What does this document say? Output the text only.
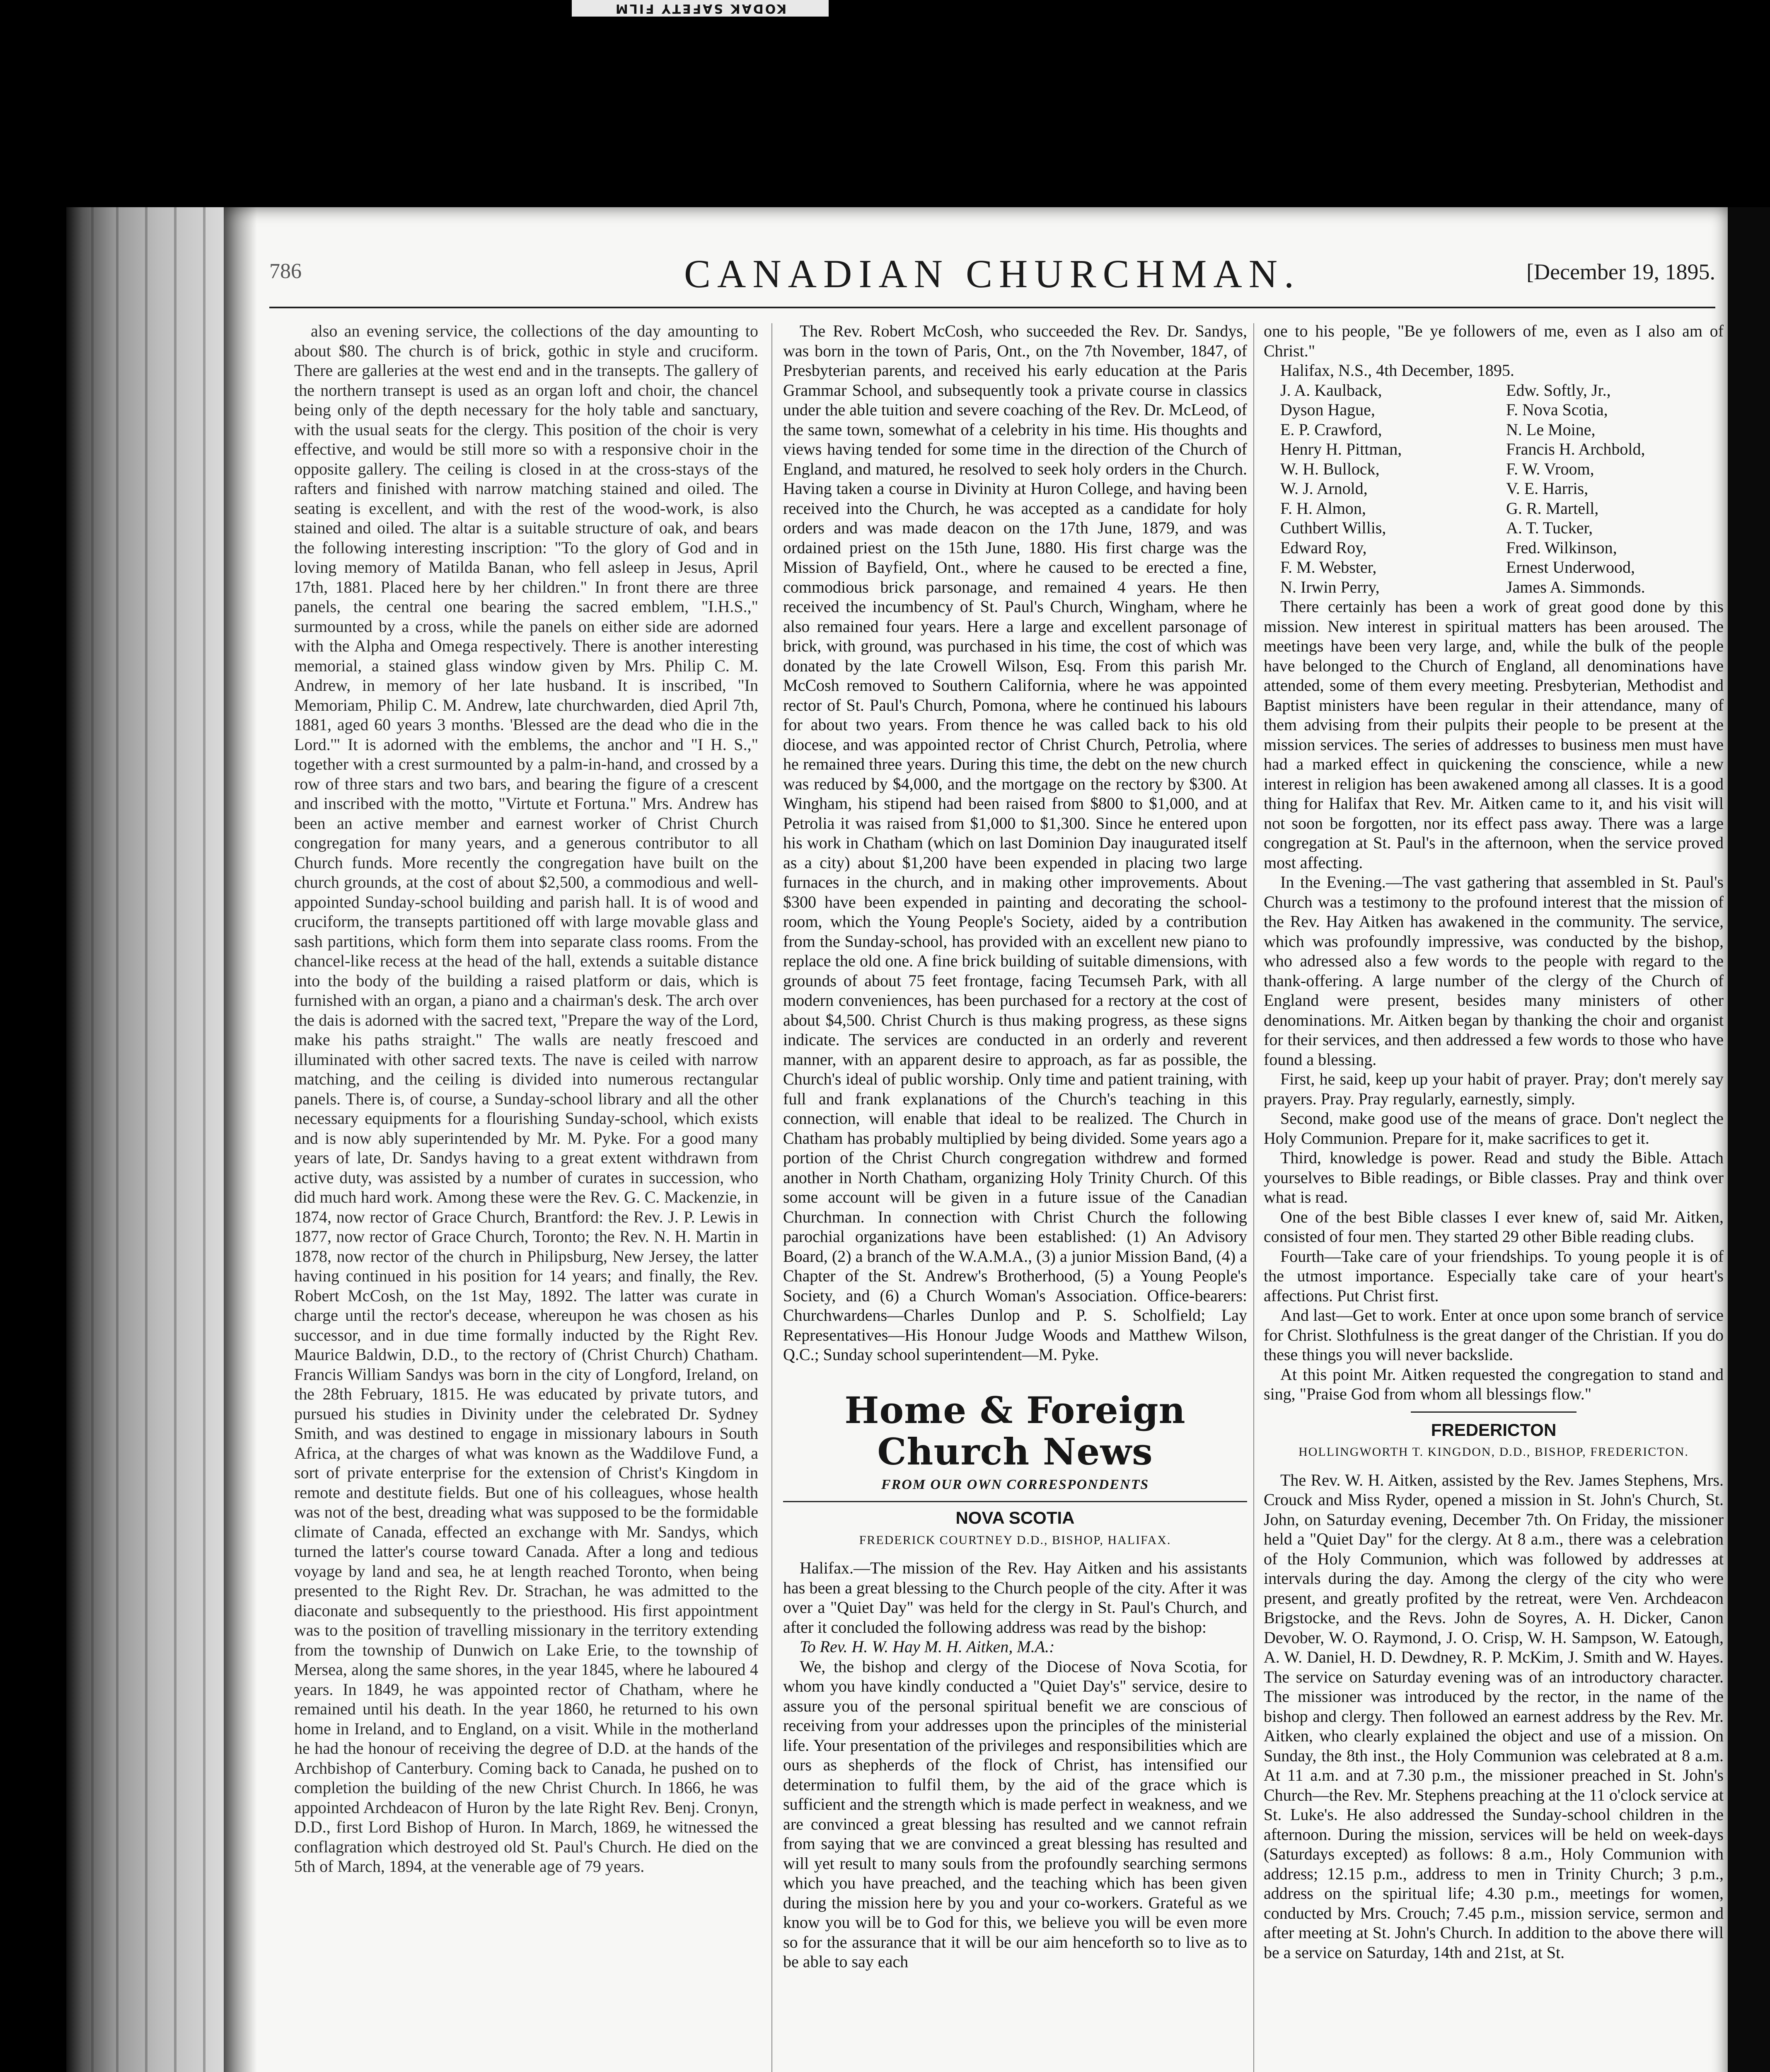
KODAK SAFETY FILM
786	CANADIAN CHURCHMAN.	[December 19, 1895.

also an evening service, the collections of the day amounting to about $80. The church is of brick, gothic in style and cruciform. There are galleries at the west end and in the transepts. The gallery of the northern transept is used as an organ loft and choir, the chancel being only of the depth necessary for the holy table and sanctuary, with the usual seats for the clergy. This position of the choir is very effective, and would be still more so with a responsive choir in the opposite gallery. The ceiling is closed in at the cross-stays of the rafters and finished with narrow matching stained and oiled. The seating is excellent, and with the rest of the wood-work, is also stained and oiled. The altar is a suitable structure of oak, and bears the following interesting inscription: "To the glory of God and in loving memory of Matilda Banan, who fell asleep in Jesus, April 17th, 1881. Placed here by her children." In front there are three panels, the central one bearing the sacred emblem, "I.H.S.," surmounted by a cross, while the panels on either side are adorned with the Alpha and Omega respectively. There is another interesting memorial, a stained glass window given by Mrs. Philip C. M. Andrew, in memory of her late husband. It is inscribed, "In Memoriam, Philip C. M. Andrew, late churchwarden, died April 7th, 1881, aged 60 years 3 months. 'Blessed are the dead who die in the Lord.'" It is adorned with the emblems, the anchor and "I H. S.," together with a crest surmounted by a palm-in-hand, and crossed by a row of three stars and two bars, and bearing the figure of a crescent and inscribed with the motto, "Virtute et Fortuna." Mrs. Andrew has been an active member and earnest worker of Christ Church congregation for many years, and a generous contributor to all Church funds. More recently the congregation have built on the church grounds, at the cost of about $2,500, a commodious and well-appointed Sunday-school building and parish hall. It is of wood and cruciform, the transepts partitioned off with large movable glass and sash partitions, which form them into separate class rooms. From the chancel-like recess at the head of the hall, extends a suitable distance into the body of the building a raised platform or dais, which is furnished with an organ, a piano and a chairman's desk. The arch over the dais is adorned with the sacred text, "Prepare the way of the Lord, make his paths straight." The walls are neatly frescoed and illuminated with other sacred texts. The nave is ceiled with narrow matching, and the ceiling is divided into numerous rectangular panels. There is, of course, a Sunday-school library and all the other necessary equipments for a flourishing Sunday-school, which exists and is now ably superintended by Mr. M. Pyke. For a good many years of late, Dr. Sandys having to a great extent withdrawn from active duty, was assisted by a number of curates in succession, who did much hard work. Among these were the Rev. G. C. Mackenzie, in 1874, now rector of Grace Church, Brantford: the Rev. J. P. Lewis in 1877, now rector of Grace Church, Toronto; the Rev. N. H. Martin in 1878, now rector of the church in Philipsburg, New Jersey, the latter having continued in his position for 14 years; and finally, the Rev. Robert McCosh, on the 1st May, 1892. The latter was curate in charge until the rector's decease, whereupon he was chosen as his successor, and in due time formally inducted by the Right Rev. Maurice Baldwin, D.D., to the rectory of (Christ Church) Chatham. Francis William Sandys was born in the city of Longford, Ireland, on the 28th February, 1815. He was educated by private tutors, and pursued his studies in Divinity under the celebrated Dr. Sydney Smith, and was destined to engage in missionary labours in South Africa, at the charges of what was known as the Waddilove Fund, a sort of private enterprise for the extension of Christ's Kingdom in remote and destitute fields. But one of his colleagues, whose health was not of the best, dreading what was supposed to be the formidable climate of Canada, effected an exchange with Mr. Sandys, which turned the latter's course toward Canada. After a long and tedious voyage by land and sea, he at length reached Toronto, when being presented to the Right Rev. Dr. Strachan, he was admitted to the diaconate and subsequently to the priesthood. His first appointment was to the position of travelling missionary in the territory extending from the township of Dunwich on Lake Erie, to the township of Mersea, along the same shores, in the year 1845, where he laboured 4 years. In 1849, he was appointed rector of Chatham, where he remained until his death. In the year 1860, he returned to his own home in Ireland, and to England, on a visit. While in the motherland he had the honour of receiving the degree of D.D. at the hands of the Archbishop of Canterbury. Coming back to Canada, he pushed on to completion the building of the new Christ Church. In 1866, he was appointed Archdeacon of Huron by the late Right Rev. Benj. Cronyn, D.D., first Lord Bishop of Huron. In March, 1869, he witnessed the conflagration which destroyed old St. Paul's Church. He died on the 5th of March, 1894, at the venerable age of 79 years.

The Rev. Robert McCosh, who succeeded the Rev. Dr. Sandys, was born in the town of Paris, Ont., on the 7th November, 1847, of Presbyterian parents, and received his early education at the Paris Grammar School, and subsequently took a private course in classics under the able tuition and severe coaching of the Rev. Dr. McLeod, of the same town, somewhat of a celebrity in his time. His thoughts and views having tended for some time in the direction of the Church of England, and matured, he resolved to seek holy orders in the Church. Having taken a course in Divinity at Huron College, and having been received into the Church, he was accepted as a candidate for holy orders and was made deacon on the 17th June, 1879, and was ordained priest on the 15th June, 1880. His first charge was the Mission of Bayfield, Ont., where he caused to be erected a fine, commodious brick parsonage, and remained 4 years. He then received the incumbency of St. Paul's Church, Wingham, where he also remained four years. Here a large and excellent parsonage of brick, with ground, was purchased in his time, the cost of which was donated by the late Crowell Wilson, Esq. From this parish Mr. McCosh removed to Southern California, where he was appointed rector of St. Paul's Church, Pomona, where he continued his labours for about two years. From thence he was called back to his old diocese, and was appointed rector of Christ Church, Petrolia, where he remained three years. During this time, the debt on the new church was reduced by $4,000, and the mortgage on the rectory by $300. At Wingham, his stipend had been raised from $800 to $1,000, and at Petrolia it was raised from $1,000 to $1,300. Since he entered upon his work in Chatham (which on last Dominion Day inaugurated itself as a city) about $1,200 have been expended in placing two large furnaces in the church, and in making other improvements. About $300 have been expended in painting and decorating the school-room, which the Young People's Society, aided by a contribution from the Sunday-school, has provided with an excellent new piano to replace the old one. A fine brick building of suitable dimensions, with grounds of about 75 feet frontage, facing Tecumseh Park, with all modern conveniences, has been purchased for a rectory at the cost of about $4,500. Christ Church is thus making progress, as these signs indicate. The services are conducted in an orderly and reverent manner, with an apparent desire to approach, as far as possible, the Church's ideal of public worship. Only time and patient training, with full and frank explanations of the Church's teaching in this connection, will enable that ideal to be realized. The Church in Chatham has probably multiplied by being divided. Some years ago a portion of the Christ Church congregation withdrew and formed another in North Chatham, organizing Holy Trinity Church. Of this some account will be given in a future issue of the Canadian Churchman. In connection with Christ Church the following parochial organizations have been established: (1) An Advisory Board, (2) a branch of the W.A.M.A., (3) a junior Mission Band, (4) a Chapter of the St. Andrew's Brotherhood, (5) a Young People's Society, and (6) a Church Woman's Association. Office-bearers: Churchwardens—Charles Dunlop and P. S. Scholfield; Lay Representatives—His Honour Judge Woods and Matthew Wilson, Q.C.; Sunday school superintendent—M. Pyke.

Home & Foreign Church News
FROM OUR OWN CORRESPONDENTS
NOVA SCOTIA
FREDERICK COURTNEY D.D., BISHOP, HALIFAX.

Halifax.—The mission of the Rev. Hay Aitken and his assistants has been a great blessing to the Church people of the city. After it was over a "Quiet Day" was held for the clergy in St. Paul's Church, and after it concluded the following address was read by the bishop:

To Rev. H. W. Hay M. H. Aitken, M.A.:

We, the bishop and clergy of the Diocese of Nova Scotia, for whom you have kindly conducted a "Quiet Day's" service, desire to assure you of the personal spiritual benefit we are conscious of receiving from your addresses upon the principles of the ministerial life. Your presentation of the privileges and responsibilities which are ours as shepherds of the flock of Christ, has intensified our determination to fulfil them, by the aid of the grace which is sufficient and the strength which is made perfect in weakness, and we are convinced a great blessing has resulted and we cannot refrain from saying that we are convinced a great blessing has resulted and will yet result to many souls from the profoundly searching sermons which you have preached, and the teaching which has been given during the mission here by you and your co-workers. Grateful as we know you will be to God for this, we believe you will be even more so for the assurance that it will be our aim henceforth so to live as to be able to say each

one to his people, "Be ye followers of me, even as I also am of Christ."

Halifax, N.S., 4th December, 1895.

J. A. Kaulback,	Edw. Softly, Jr.,
Dyson Hague,	F. Nova Scotia,
E. P. Crawford,	N. Le Moine,
Henry H. Pittman,	Francis H. Archbold,
W. H. Bullock,	F. W. Vroom,
W. J. Arnold,	V. E. Harris,
F. H. Almon,	G. R. Martell,
Cuthbert Willis,	A. T. Tucker,
Edward Roy,	Fred. Wilkinson,
F. M. Webster,	Ernest Underwood,
N. Irwin Perry,	James A. Simmonds.

There certainly has been a work of great good done by this mission. New interest in spiritual matters has been aroused. The meetings have been very large, and, while the bulk of the people have belonged to the Church of England, all denominations have attended, some of them every meeting. Presbyterian, Methodist and Baptist ministers have been regular in their attendance, many of them advising from their pulpits their people to be present at the mission services. The series of addresses to business men must have had a marked effect in quickening the conscience, while a new interest in religion has been awakened among all classes. It is a good thing for Halifax that Rev. Mr. Aitken came to it, and his visit will not soon be forgotten, nor its effect pass away. There was a large congregation at St. Paul's in the afternoon, when the service proved most affecting.

In the Evening.—The vast gathering that assembled in St. Paul's Church was a testimony to the profound interest that the mission of the Rev. Hay Aitken has awakened in the community. The service, which was profoundly impressive, was conducted by the bishop, who adressed also a few words to the people with regard to the thank-offering. A large number of the clergy of the Church of England were present, besides many ministers of other denominations. Mr. Aitken began by thanking the choir and organist for their services, and then addressed a few words to those who have found a blessing.

First, he said, keep up your habit of prayer. Pray; don't merely say prayers. Pray. Pray regularly, earnestly, simply.

Second, make good use of the means of grace. Don't neglect the Holy Communion. Prepare for it, make sacrifices to get it.

Third, knowledge is power. Read and study the Bible. Attach yourselves to Bible readings, or Bible classes. Pray and think over what is read.

One of the best Bible classes I ever knew of, said Mr. Aitken, consisted of four men. They started 29 other Bible reading clubs.

Fourth—Take care of your friendships. To young people it is of the utmost importance. Especially take care of your heart's affections. Put Christ first.

And last—Get to work. Enter at once upon some branch of service for Christ. Slothfulness is the great danger of the Christian. If you do these things you will never backslide.

At this point Mr. Aitken requested the congregation to stand and sing, "Praise God from whom all blessings flow."

FREDERICTON
HOLLINGWORTH T. KINGDON, D.D., BISHOP, FREDERICTON.

The Rev. W. H. Aitken, assisted by the Rev. James Stephens, Mrs. Crouck and Miss Ryder, opened a mission in St. John's Church, St. John, on Saturday evening, December 7th. On Friday, the missioner held a "Quiet Day" for the clergy. At 8 a.m., there was a celebration of the Holy Communion, which was followed by addresses at intervals during the day. Among the clergy of the city who were present, and greatly profited by the retreat, were Ven. Archdeacon Brigstocke, and the Revs. John de Soyres, A. H. Dicker, Canon Devober, W. O. Raymond, J. O. Crisp, W. H. Sampson, W. Eatough, A. W. Daniel, H. D. Dewdney, R. P. McKim, J. Smith and W. Hayes. The service on Saturday evening was of an introductory character. The missioner was introduced by the rector, in the name of the bishop and clergy. Then followed an earnest address by the Rev. Mr. Aitken, who clearly explained the object and use of a mission. On Sunday, the 8th inst., the Holy Communion was celebrated at 8 a.m. At 11 a.m. and at 7.30 p.m., the missioner preached in St. John's Church—the Rev. Mr. Stephens preaching at the 11 o'clock service at St. Luke's. He also addressed the Sunday-school children in the afternoon. During the mission, services will be held on week-days (Saturdays excepted) as follows: 8 a.m., Holy Communion with address; 12.15 p.m., address to men in Trinity Church; 3 p.m., address on the spiritual life; 4.30 p.m., meetings for women, conducted by Mrs. Crouch; 7.45 p.m., mission service, sermon and after meeting at St. John's Church. In addition to the above there will be a service on Saturday, 14th and 21st, at St.
